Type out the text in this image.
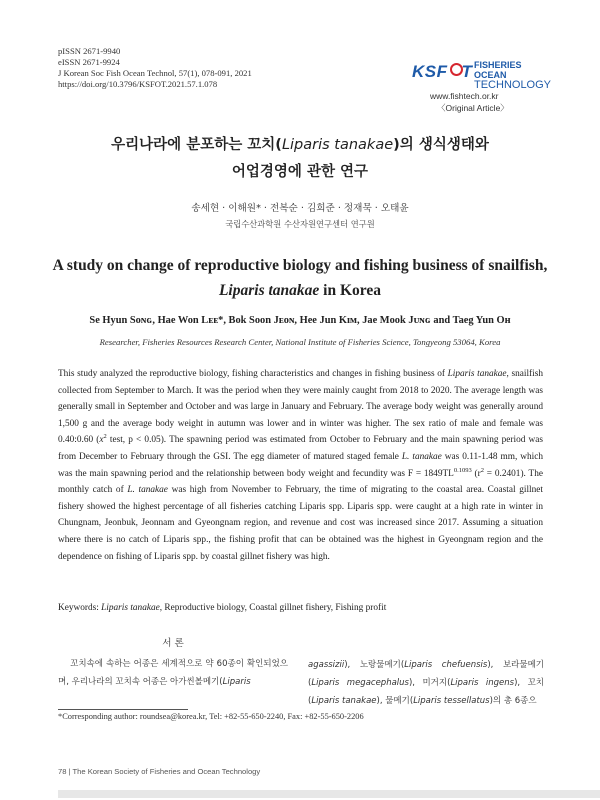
pISSN 2671-9940
eISSN 2671-9924
J Korean Soc Fish Ocean Technol, 57(1), 078-091, 2021
https://doi.org/10.3796/KSFOT.2021.57.1.078
KSF T FISHERIES OCEAN
TECHNOLOGY
www.fishtech.or.kr
〈Original Article〉
우리나라에 분포하는 꼬치(Liparis tanakae)의 생식생태와
어업경영에 관한 연구
송세현 · 이해원* · 전복순 · 김희준 · 정재묵 · 오태윤
국립수산과학원 수산자원연구센터 연구원
A study on change of reproductive biology and fishing business of snailfish,
Liparis tanakae in Korea
Se Hyun Sᴏɴɢ, Hae Won Lᴇᴇ*, Bok Soon Jᴇᴏɴ, Hee Jun Kɪᴍ, Jae Mook Jᴜɴɢ and Taeg Yun Oʜ
Researcher, Fisheries Resources Research Center, National Institute of Fisheries Science, Tongyeong 53064, Korea
This study analyzed the reproductive biology, fishing characteristics and changes in fishing business of Liparis tanakae, snailfish collected from September to March. It was the period when they were mainly caught from 2018 to 2020. The average length was generally small in September and October and was large in January and February. The average body weight was generally around 1,500 g and the average body weight in autumn was lower and in winter was higher. The sex ratio of male and female was 0.40:0.60 ($x^2$ test, p < 0.05). The spawning period was estimated from October to February and the main spawning period was from December to February through the GSI. The egg diameter of matured staged female L. tanakae was 0.11-1.48 mm, which was the main spawning period and the relationship between body weight and fecundity was $F = 1849TL^{0.1093}$ $(r^2 = 0.2401)$. The monthly catch of L. tanakae was high from November to February, the time of migrating to the coastal area. Coastal gillnet fishery showed the highest percentage of all fisheries catching Liparis spp. Liparis spp. were caught at a high rate in winter in Chungnam, Jeonbuk, Jeonnam and Gyeongnam region, and revenue and cost was increased since 2017. Assuming a situation where there is no catch of Liparis spp., the fishing profit that can be obtained was the highest in Gyeongnam region and the dependence on fishing of Liparis spp. by coastal gillnet fishery was high.
Keywords: Liparis tanakae, Reproductive biology, Coastal gillnet fishery, Fishing profit
서 론
꼬치속에 속하는 어종은 세계적으로 약 60종이 확인되었으며, 우리나라의 꼬치속 어종은 아가씬볼메기(Liparis
agassizii), 노랑물메기(Liparis chefuensis), 보라물메기(Liparis megacephalus), 미거지(Liparis ingens), 꼬치(Liparis tanakae), 물메기(Liparis tessellatus)의 총 6종으
*Corresponding author: roundsea@korea.kr, Tel: +82-55-650-2240, Fax: +82-55-650-2206
78 | The Korean Society of Fisheries and Ocean Technology
